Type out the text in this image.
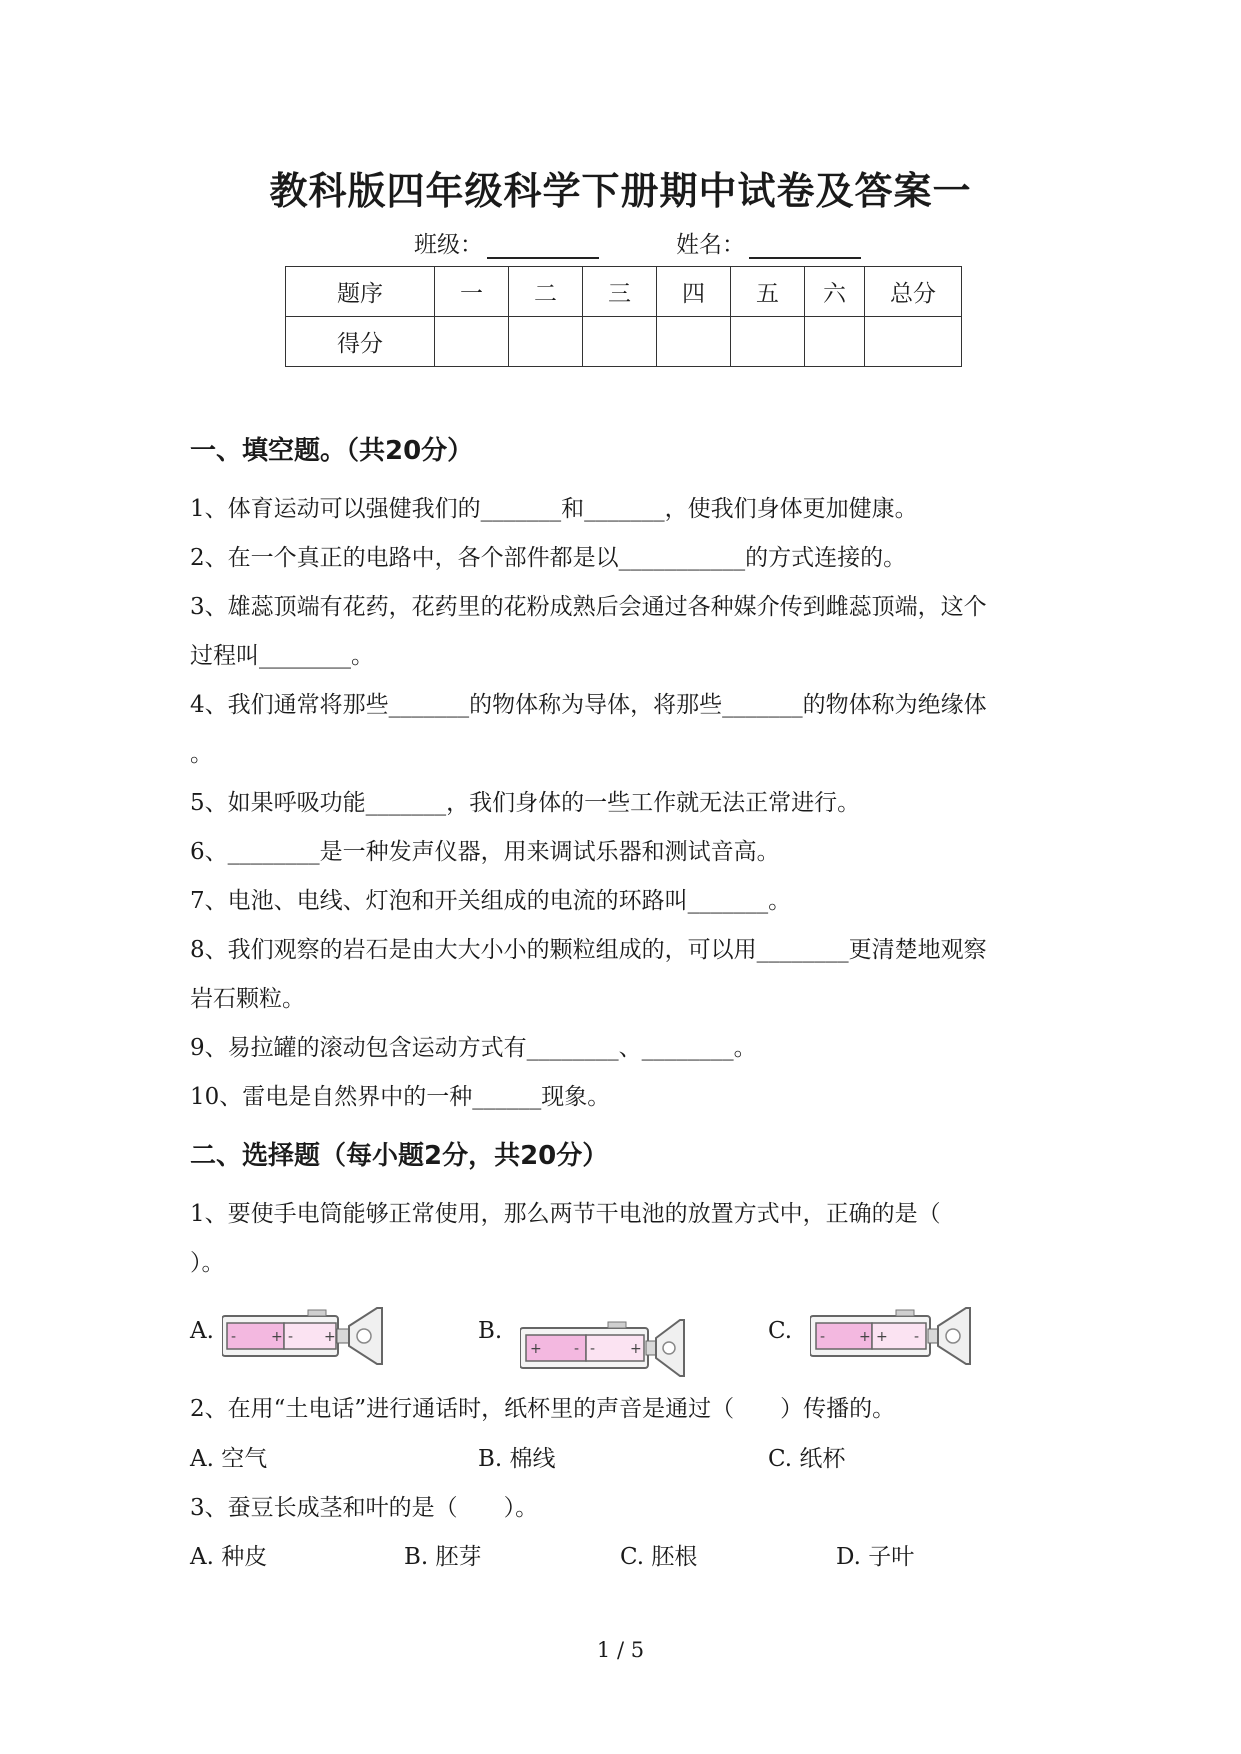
教科版四年级科学下册期中试卷及答案一
班级：	姓名：
题序	一	二	三	四	五	六	总分
得分							
一、填空题。（共20分）
1、体育运动可以强健我们的_______和_______，使我们身体更加健康。
2、在一个真正的电路中，各个部件都是以___________的方式连接的。
3、雄蕊顶端有花药，花药里的花粉成熟后会通过各种媒介传到雌蕊顶端，这个
过程叫________。
4、我们通常将那些_______的物体称为导体，将那些_______的物体称为绝缘体
。
5、如果呼吸功能_______，我们身体的一些工作就无法正常进行。
6、________是一种发声仪器，用来调试乐器和测试音高。
7、电池、电线、灯泡和开关组成的电流的环路叫_______。
8、我们观察的岩石是由大大小小的颗粒组成的，可以用________更清楚地观察
岩石颗粒。
9、易拉罐的滚动包含运动方式有________、________。
10、雷电是自然界中的一种______现象。
二、选择题（每小题2分，共20分）
1、要使手电筒能够正常使用，那么两节干电池的放置方式中，正确的是（
）。
A. - + - +	B.
+ - - +
C. - + + -
2、在用“土电话”进行通话时，纸杯里的声音是通过（　　）传播的。
A. 空气	B. 棉线	C. 纸杯
3、蚕豆长成茎和叶的是（　　）。
A. 种皮	B. 胚芽	C. 胚根	D. 子叶
1 / 5
